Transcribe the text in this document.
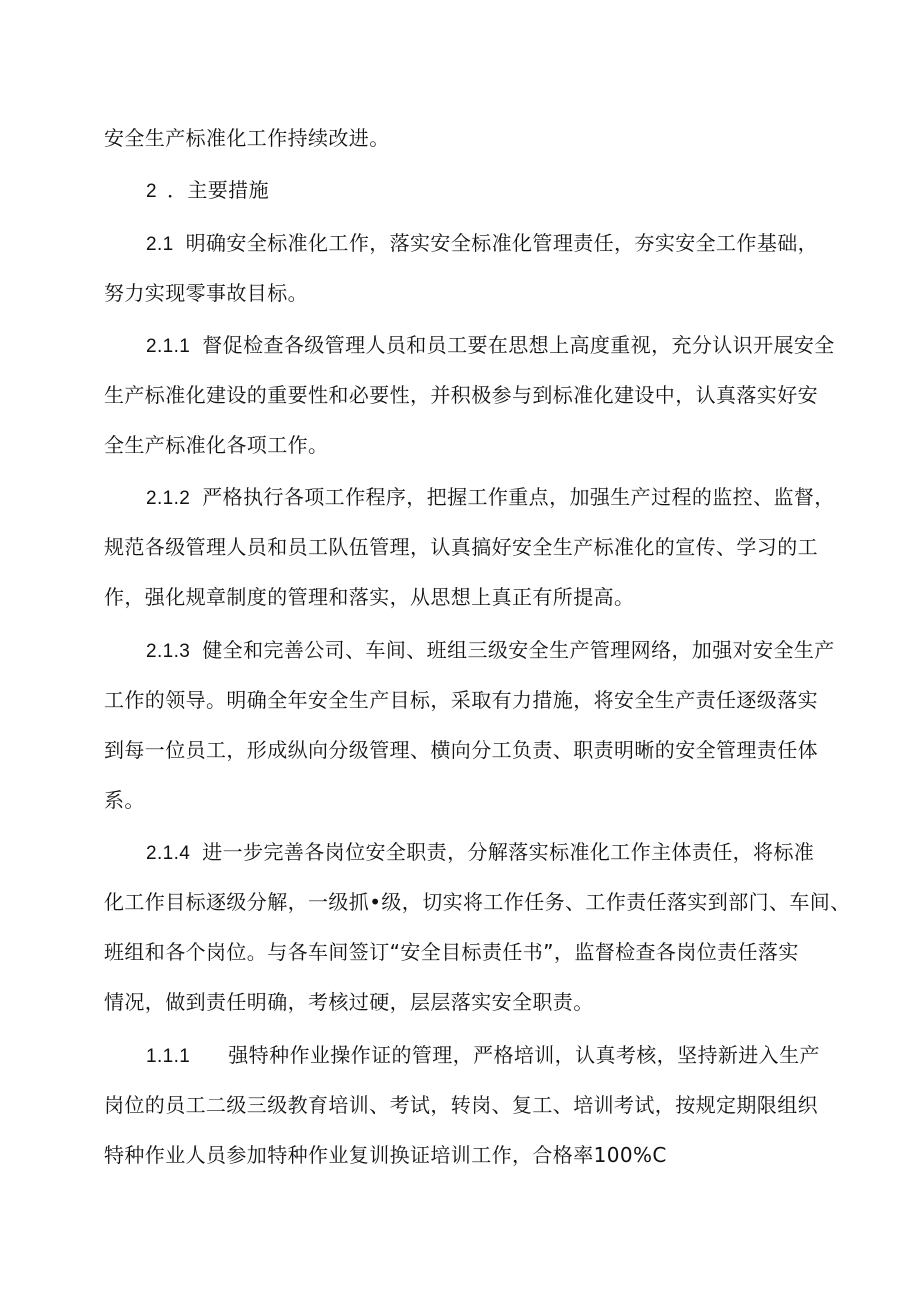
安全生产标准化工作持续改进。
2 ．主要措施
2.1 明确安全标准化工作，落实安全标准化管理责任，夯实安全工作基础，
努力实现零事故目标。
2.1.1 督促检查各级管理人员和员工要在思想上高度重视，充分认识开展安全
生产标准化建设的重要性和必要性，并积极参与到标准化建设中，认真落实好安
全生产标准化各项工作。
2.1.2 严格执行各项工作程序，把握工作重点，加强生产过程的监控、监督，
规范各级管理人员和员工队伍管理，认真搞好安全生产标准化的宣传、学习的工
作，强化规章制度的管理和落实，从思想上真正有所提高。
2.1.3 健全和完善公司、车间、班组三级安全生产管理网络，加强对安全生产
工作的领导。明确全年安全生产目标，采取有力措施，将安全生产责任逐级落实
到每一位员工，形成纵向分级管理、横向分工负责、职责明晰的安全管理责任体
系。
2.1.4 进一步完善各岗位安全职责，分解落实标准化工作主体责任，将标准
化工作目标逐级分解，一级抓•级，切实将工作任务、工作责任落实到部门、车间、
班组和各个岗位。与各车间签订“安全目标责任书”，监督检查各岗位责任落实
情况，做到责任明确，考核过硬，层层落实安全职责。
1.1.1 强特种作业操作证的管理，严格培训，认真考核，坚持新进入生产
岗位的员工二级三级教育培训、考试，转岗、复工、培训考试，按规定期限组织
特种作业人员参加特种作业复训换证培训工作，合格率100%C
